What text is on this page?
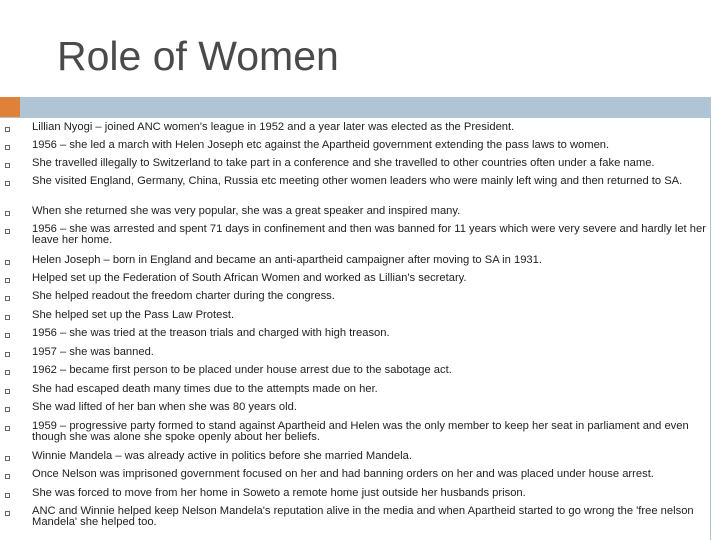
Role of Women

Lillian Nyogi – joined ANC women's league in 1952 and a year later was elected as the President.

1956 – she led a march with Helen Joseph etc against the Apartheid government extending the pass laws to women.

She travelled illegally to Switzerland to take part in a conference and she travelled to other countries often under a fake name.

She visited England, Germany, China, Russia etc meeting other women leaders who were mainly left wing and then returned to SA.

When she returned she was very popular, she was a great speaker and inspired many.

1956 – she was arrested and spent 71 days in confinement and then was banned for 11 years which were very severe and hardly let her leave her home.

Helen Joseph – born in England and became an anti-apartheid campaigner after moving to SA in 1931.

Helped set up the Federation of South African Women and worked as Lillian's secretary.

She helped readout the freedom charter during the congress.

She helped set up the Pass Law Protest.

1956 – she was tried at the treason trials and charged with high treason.

1957 – she was banned.

1962 – became first person to be placed under house arrest due to the sabotage act.

She had escaped death many times due to the attempts made on her.

She wad lifted of her ban when she was 80 years old.

1959 – progressive party formed to stand against Apartheid and Helen was the only member to keep her seat in parliament and even though she was alone she spoke openly about her beliefs.

Winnie Mandela – was already active in politics before she married Mandela.

Once Nelson was imprisoned government focused on her and had banning orders on her and was placed under house arrest.

She was forced to move from her home in Soweto a remote home just outside her husbands prison.

ANC and Winnie helped keep Nelson Mandela's reputation alive in the media and when Apartheid started to go wrong the 'free nelson Mandela' she helped too.
